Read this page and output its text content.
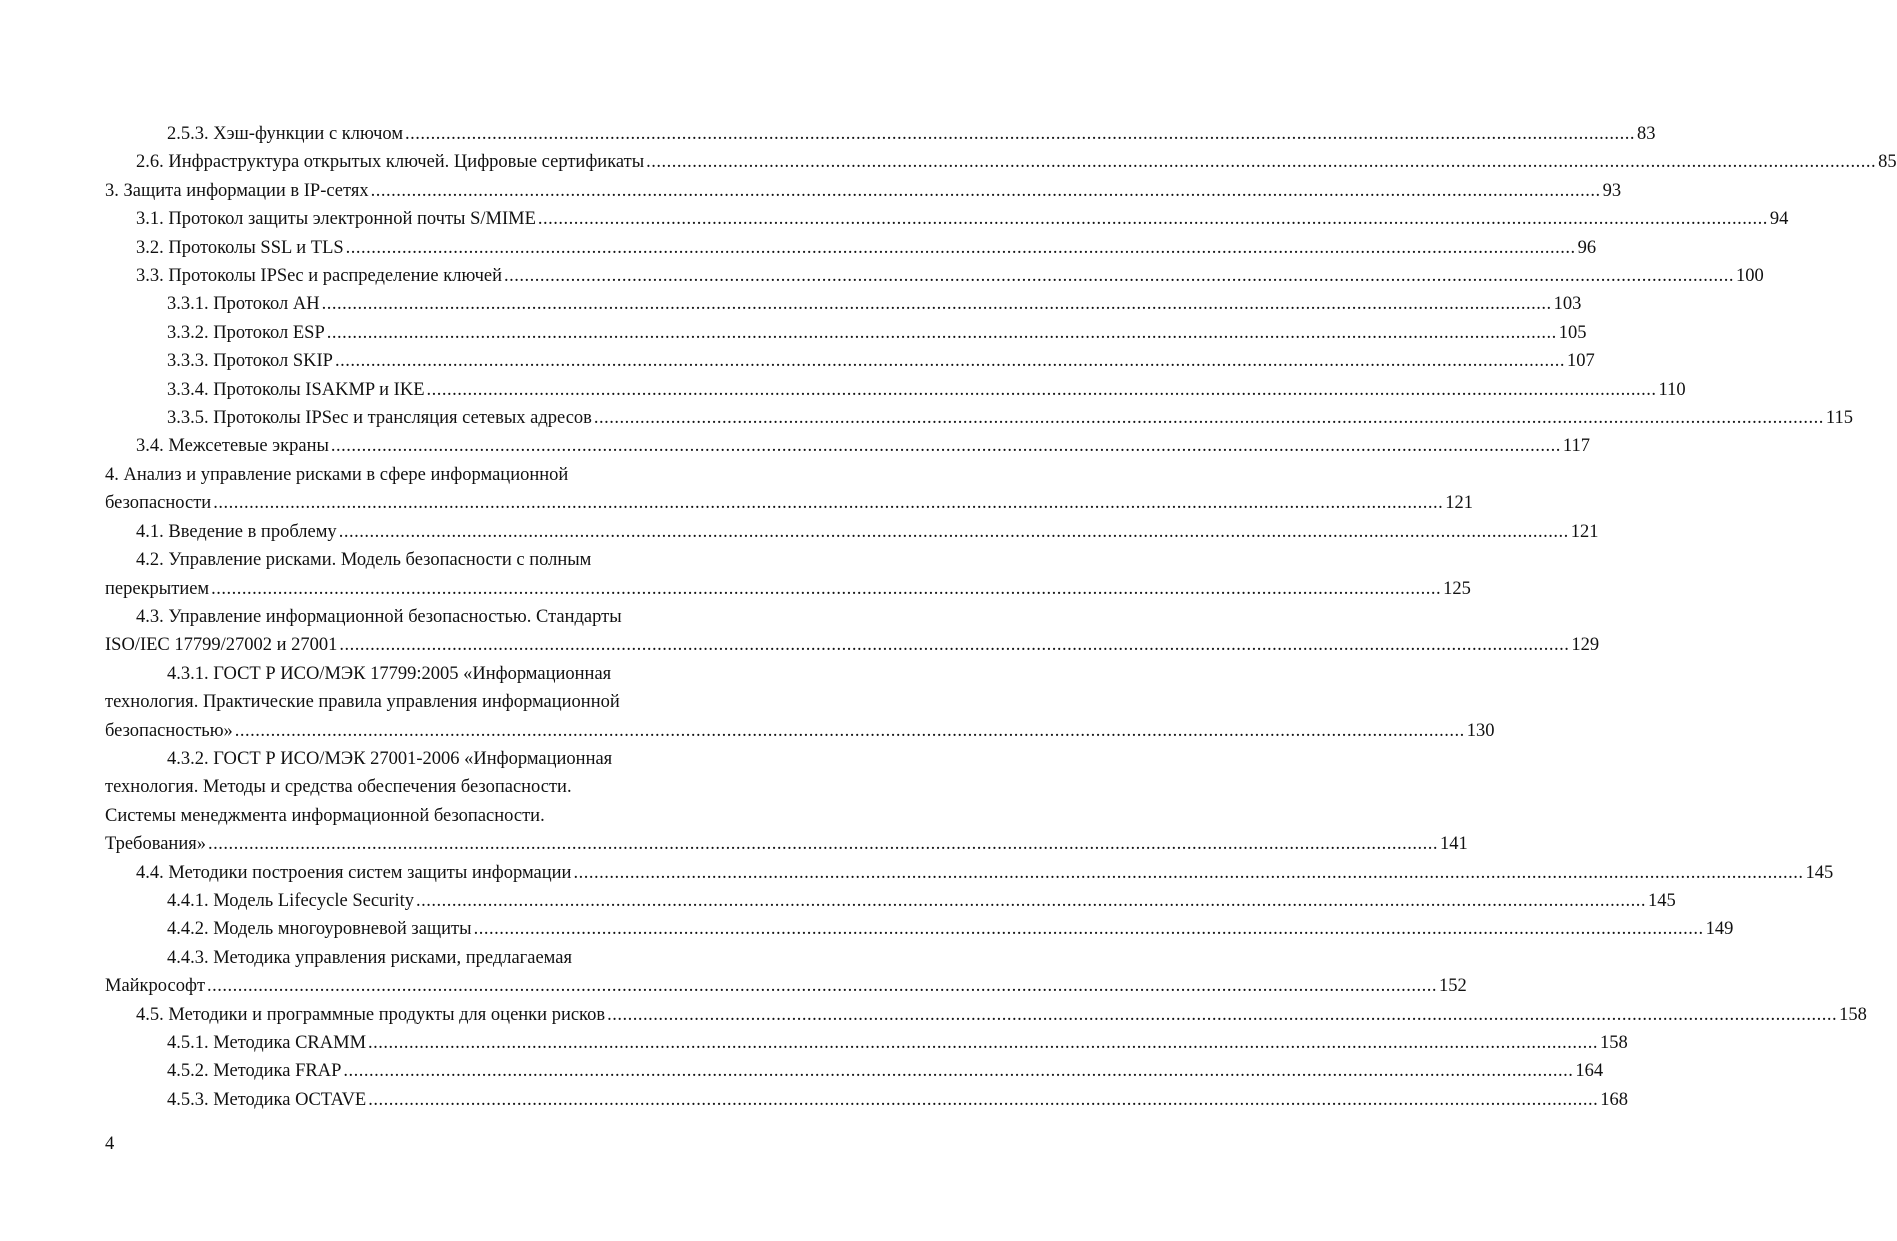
2.5.3. Хэш-функции с ключом .....	83
2.6. Инфраструктура открытых ключей. Цифровые сертификаты .....	85
3. Защита информации в IP-сетях .....	93
3.1. Протокол защиты электронной почты S/MIME .....	94
3.2. Протоколы SSL и TLS .....	96
3.3. Протоколы IPSec и распределение ключей .....	100
3.3.1. Протокол AH .....	103
3.3.2. Протокол ESP .....	105
3.3.3. Протокол SKIP .....	107
3.3.4. Протоколы ISAKMP и IKE .....	110
3.3.5. Протоколы IPSec и трансляция сетевых адресов .....	115
3.4. Межсетевые экраны .....	117
4. Анализ и управление рисками в сфере информационной
безопасности .....	121
4.1. Введение в проблему .....	121
4.2. Управление рисками. Модель безопасности с полным
перекрытием .....	125
4.3. Управление информационной безопасностью. Стандарты
ISO/IEC 17799/27002 и 27001 .....	129
4.3.1. ГОСТ Р ИСО/МЭК 17799:2005 «Информационная
технология. Практические правила управления информационной
безопасностью» .....	130
4.3.2. ГОСТ Р ИСО/МЭК 27001-2006 «Информационная
технология. Методы и средства обеспечения безопасности.
Системы менеджмента информационной безопасности.
Требования» .....	141
4.4. Методики построения систем защиты информации .....	145
4.4.1. Модель Lifecycle Security .....	145
4.4.2. Модель многоуровневой защиты .....	149
4.4.3. Методика управления рисками, предлагаемая
Майкрософт .....	152
4.5. Методики и программные продукты для оценки рисков .....	158
4.5.1. Методика CRAMM .....	158
4.5.2. Методика FRAP .....	164
4.5.3. Методика OCTAVE .....	168
4
